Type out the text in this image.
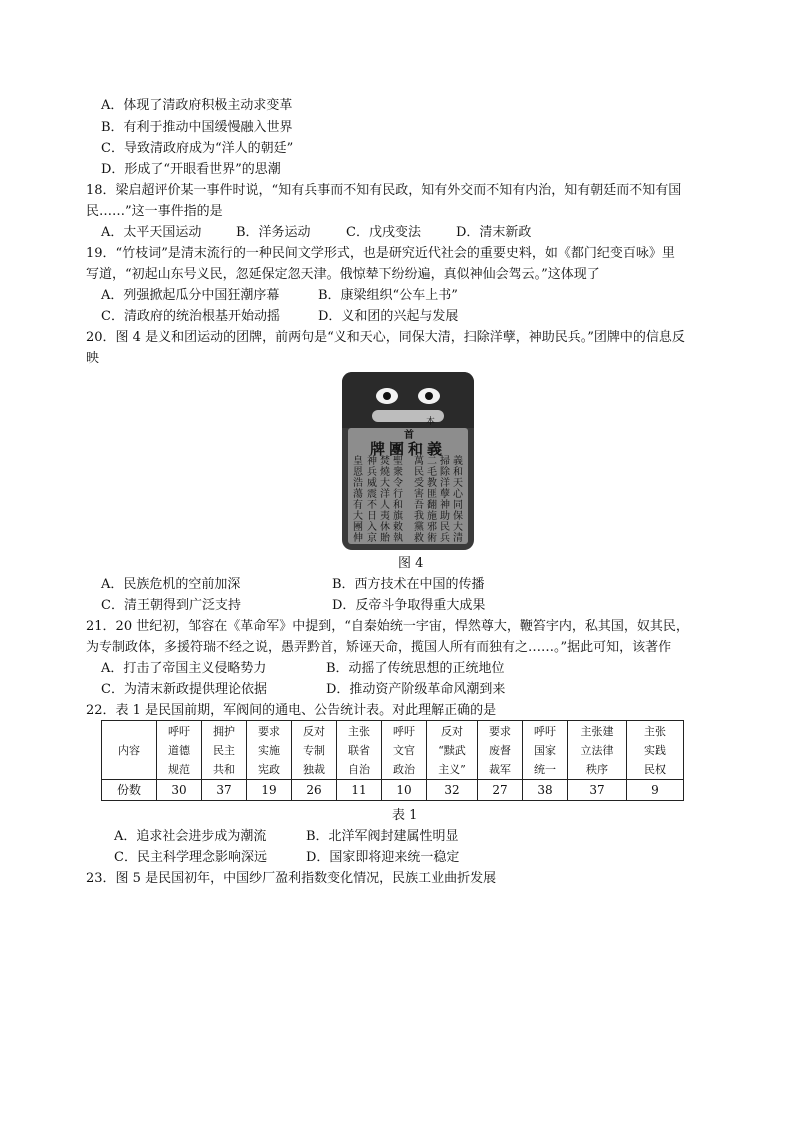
A．体现了清政府积极主动求变革
B．有利于推动中国缓慢融入世界
C．导致清政府成为“洋人的朝廷”
D．形成了“开眼看世界”的思潮
18．梁启超评价某一事件时说，“知有兵事而不知有民政，知有外交而不知有内治，知有朝廷而不知有国
民……”这一事件指的是
A．太平天国运动	B．洋务运动	C．戊戌变法	D．清末新政
19．“竹枝词”是清末流行的一种民间文学形式，也是研究近代社会的重要史料，如《都门纪变百咏》里
写道，“初起山东号义民，忽延保定忽天津。俄惊辇下纷纷遍，真似神仙会驾云。”这体现了
A．列强掀起瓜分中国狂潮序幕	B．康梁组织“公车上书”
C．清政府的统治根基开始动摇	D．义和团的兴起与发展
20．图 4 是义和团运动的团牌，前两句是“义和天心，同保大清，扫除洋孽，神助民兵。”团牌中的信息反
映
首
本
牌團和義
義和天心同保大清
掃除洋孽神助民兵
二毛教匪翻施邪術
萬民受害吾我黨救
聖衆令行和旗敕執
焚燒大洋人夷休貽
神兵威震不日入京
皇恩浩蕩有大團伸
图 4
A．民族危机的空前加深	B．西方技术在中国的传播
C．清王朝得到广泛支持	D．反帝斗争取得重大成果
21．20 世纪初，邹容在《革命军》中提到，“自秦始统一宇宙，悍然尊大，鞭笞宇内，私其国，奴其民，
为专制政体，多援符瑞不经之说，愚弄黔首，矫诬天命，揽国人所有而独有之……。”据此可知，该著作
A．打击了帝国主义侵略势力	B．动摇了传统思想的正统地位
C．为清末新政提供理论依据	D．推动资产阶级革命风潮到来
22．表 1 是民国前期，军阀间的通电、公告统计表。对此理解正确的是
内容	呼吁
道德
规范	拥护
民主
共和	要求
实施
宪政	反对
专制
独裁	主张
联省
自治	呼吁
文官
政治	反对
“黩武
主义”	要求
废督
裁军	呼吁
国家
统一	主张建
立法律
秩序	主张
实践
民权

份数	30	37	19	26	11	10	32	27	38	37	9
表 1
A．追求社会进步成为潮流	B．北洋军阀封建属性明显
C．民主科学理念影响深远	D．国家即将迎来统一稳定
23．图 5 是民国初年，中国纱厂盈利指数变化情况，民族工业曲折发展
